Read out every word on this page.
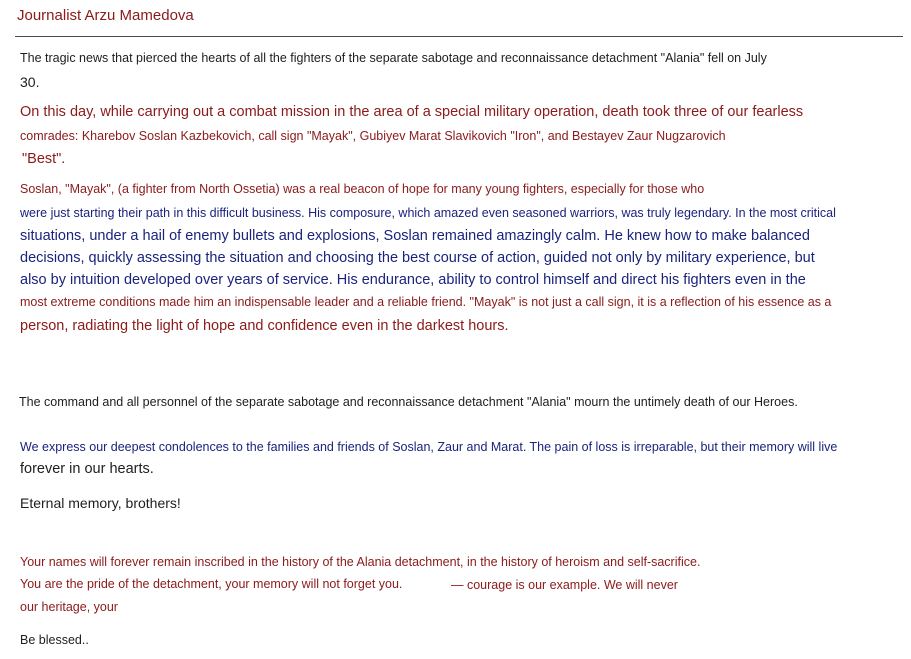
Journalist Arzu Mamedova
The tragic news that pierced the hearts of all the fighters of the separate sabotage and reconnaissance detachment "Alania" fell on July
30.
On this day, while carrying out a combat mission in the area of a special military operation, death took three of our fearless
comrades: Kharebov Soslan Kazbekovich, call sign "Mayak", Gubiyev Marat Slavikovich "Iron", and Bestayev Zaur Nugzarovich
"Best".
Soslan, "Mayak", (a fighter from North Ossetia) was a real beacon of hope for many young fighters, especially for those who
were just starting their path in this difficult business. His composure, which amazed even seasoned warriors, was truly legendary. In the most critical
situations, under a hail of enemy bullets and explosions, Soslan remained amazingly calm. He knew how to make balanced
decisions, quickly assessing the situation and choosing the best course of action, guided not only by military experience, but
also by intuition developed over years of service. His endurance, ability to control himself and direct his fighters even in the
most extreme conditions made him an indispensable leader and a reliable friend. "Mayak" is not just a call sign, it is a reflection of his essence as a
person, radiating the light of hope and confidence even in the darkest hours.
The command and all personnel of the separate sabotage and reconnaissance detachment "Alania" mourn the untimely death of our Heroes.
We express our deepest condolences to the families and friends of Soslan, Zaur and Marat. The pain of loss is irreparable, but their memory will live
forever in our hearts.
Eternal memory, brothers!
Your names will forever remain inscribed in the history of the Alania detachment, in the history of heroism and self-sacrifice.
You are the pride of the detachment, your memory will not forget you.	— courage is our example. We will never
our heritage, your
Be blessed..
